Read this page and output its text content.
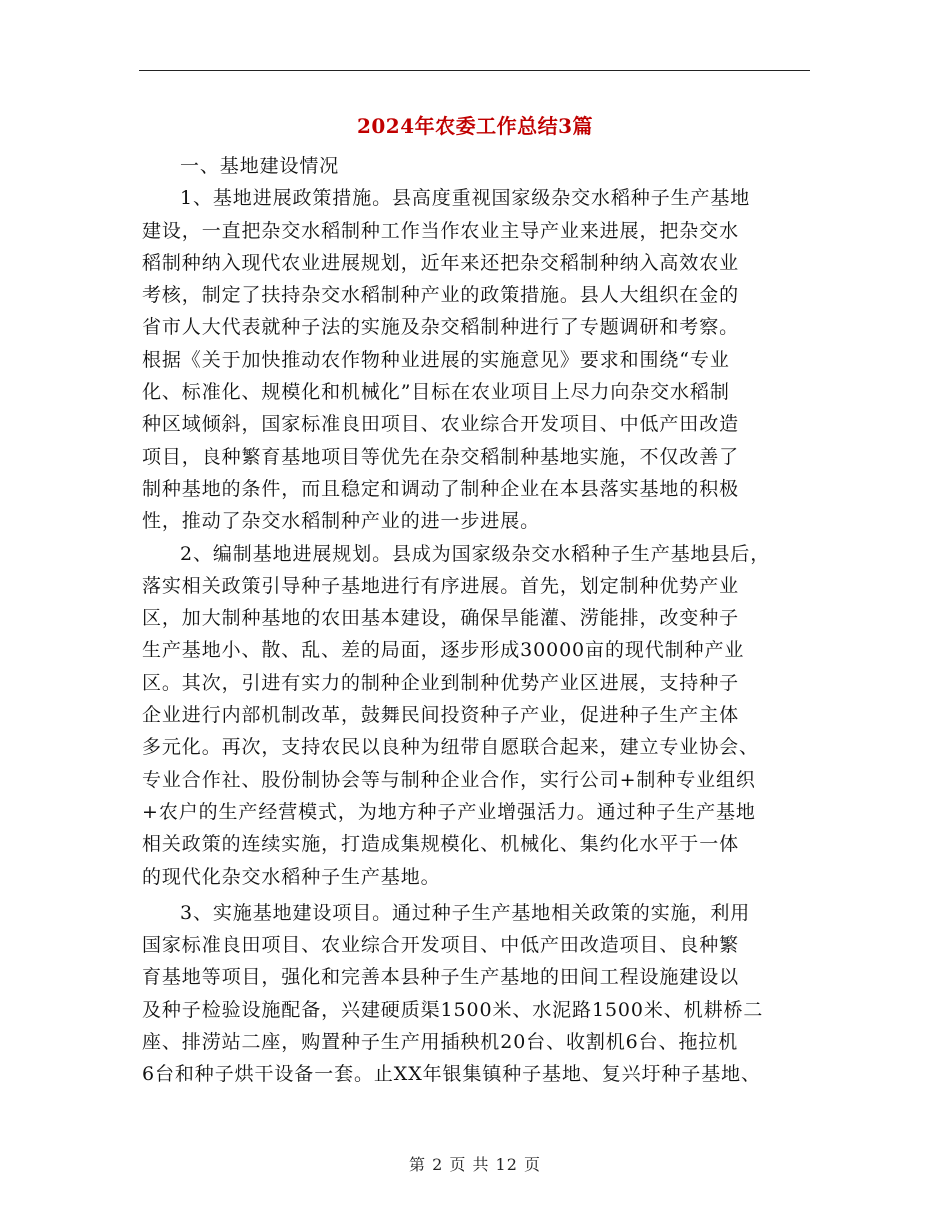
2024年农委工作总结3篇
一、基地建设情况
1、基地进展政策措施。县高度重视国家级杂交水稻种子生产基地
建设，一直把杂交水稻制种工作当作农业主导产业来进展，把杂交水
稻制种纳入现代农业进展规划，近年来还把杂交稻制种纳入高效农业
考核，制定了扶持杂交水稻制种产业的政策措施。县人大组织在金的
省市人大代表就种子法的实施及杂交稻制种进行了专题调研和考察。
根据《关于加快推动农作物种业进展的实施意见》要求和围绕“专业
化、标准化、规模化和机械化”目标在农业项目上尽力向杂交水稻制
种区域倾斜，国家标准良田项目、农业综合开发项目、中低产田改造
项目，良种繁育基地项目等优先在杂交稻制种基地实施，不仅改善了
制种基地的条件，而且稳定和调动了制种企业在本县落实基地的积极
性，推动了杂交水稻制种产业的进一步进展。
2、编制基地进展规划。县成为国家级杂交水稻种子生产基地县后，
落实相关政策引导种子基地进行有序进展。首先，划定制种优势产业
区，加大制种基地的农田基本建设，确保旱能灌、涝能排，改变种子
生产基地小、散、乱、差的局面，逐步形成30000亩的现代制种产业
区。其次，引进有实力的制种企业到制种优势产业区进展，支持种子
企业进行内部机制改革，鼓舞民间投资种子产业，促进种子生产主体
多元化。再次，支持农民以良种为纽带自愿联合起来，建立专业协会、
专业合作社、股份制协会等与制种企业合作，实行公司+制种专业组织
+农户的生产经营模式，为地方种子产业增强活力。通过种子生产基地
相关政策的连续实施，打造成集规模化、机械化、集约化水平于一体
的现代化杂交水稻种子生产基地。
3、实施基地建设项目。通过种子生产基地相关政策的实施，利用
国家标准良田项目、农业综合开发项目、中低产田改造项目、良种繁
育基地等项目，强化和完善本县种子生产基地的田间工程设施建设以
及种子检验设施配备，兴建硬质渠1500米、水泥路1500米、机耕桥二
座、排涝站二座，购置种子生产用插秧机20台、收割机6台、拖拉机
6台和种子烘干设备一套。止XX年银集镇种子基地、复兴圩种子基地、
第 2 页 共 12 页
